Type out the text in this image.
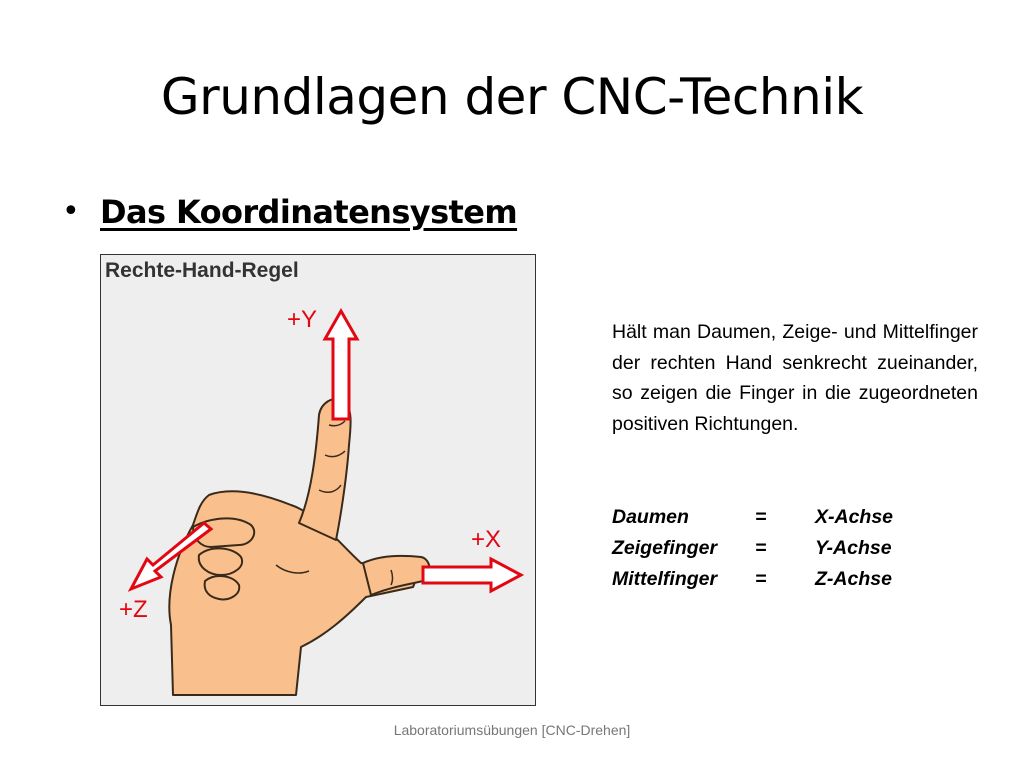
Grundlagen der CNC-Technik
• Das Koordinatensystem
Rechte-Hand-Regel
+Y
+X
+Z
Hält man Daumen, Zeige- und Mittelfinger der rechten Hand senkrecht zueinander, so zeigen die Finger in die zugeordneten positiven Richtungen.
Daumen	= X-Achse
Zeigefinger = Y-Achse
Mittelfinger = Z-Achse
Laboratoriumsübungen [CNC-Drehen]
